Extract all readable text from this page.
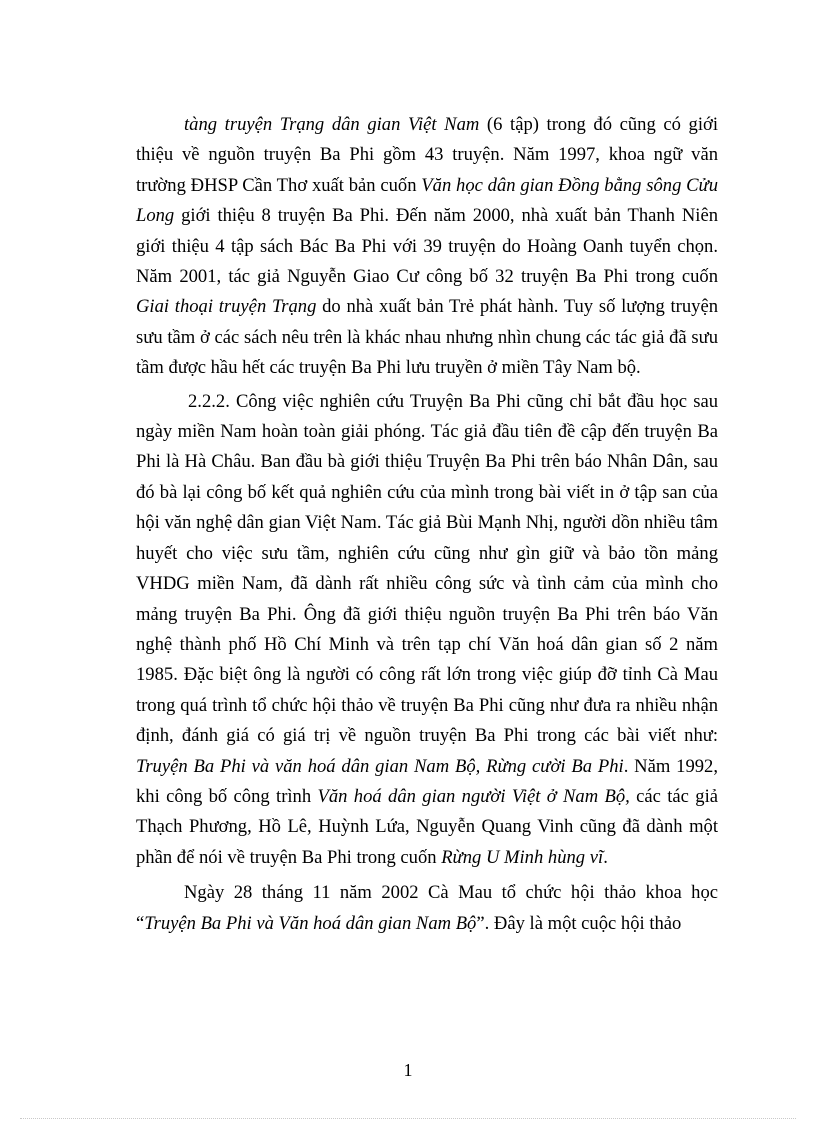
tàng truyện Trạng dân gian Việt Nam (6 tập) trong đó cũng có giới thiệu về nguồn truyện Ba Phi gồm 43 truyện. Năm 1997, khoa ngữ văn trường ĐHSP Cần Thơ xuất bản cuốn Văn học dân gian Đồng bằng sông Cửu Long giới thiệu 8 truyện Ba Phi. Đến năm 2000, nhà xuất bản Thanh Niên giới thiệu 4 tập sách Bác Ba Phi với 39 truyện do Hoàng Oanh tuyển chọn. Năm 2001, tác giả Nguyễn Giao Cư công bố 32 truyện Ba Phi trong cuốn Giai thoại truyện Trạng do nhà xuất bản Trẻ phát hành. Tuy số lượng truyện sưu tầm ở các sách nêu trên là khác nhau nhưng nhìn chung các tác giả đã sưu tầm được hầu hết các truyện Ba Phi lưu truyền ở miền Tây Nam bộ.

2.2.2. Công việc nghiên cứu Truyện Ba Phi cũng chỉ bắt đầu học sau ngày miền Nam hoàn toàn giải phóng. Tác giả đầu tiên đề cập đến truyện Ba Phi là Hà Châu. Ban đầu bà giới thiệu Truyện Ba Phi trên báo Nhân Dân, sau đó bà lại công bố kết quả nghiên cứu của mình trong bài viết in ở tập san của hội văn nghệ dân gian Việt Nam. Tác giả Bùi Mạnh Nhị, người dồn nhiều tâm huyết cho việc sưu tầm, nghiên cứu cũng như gìn giữ và bảo tồn mảng VHDG miền Nam, đã dành rất nhiều công sức và tình cảm của mình cho mảng truyện Ba Phi. Ông đã giới thiệu nguồn truyện Ba Phi trên báo Văn nghệ thành phố Hồ Chí Minh và trên tạp chí Văn hoá dân gian số 2 năm 1985. Đặc biệt ông là người có công rất lớn trong việc giúp đỡ tỉnh Cà Mau trong quá trình tổ chức hội thảo về truyện Ba Phi cũng như đưa ra nhiều nhận định, đánh giá có giá trị về nguồn truyện Ba Phi trong các bài viết như: Truyện Ba Phi và văn hoá dân gian Nam Bộ, Rừng cười Ba Phi. Năm 1992, khi công bố công trình Văn hoá dân gian người Việt ở Nam Bộ, các tác giả Thạch Phương, Hồ Lê, Huỳnh Lứa, Nguyễn Quang Vinh cũng đã dành một phần để nói về truyện Ba Phi trong cuốn Rừng U Minh hùng vĩ.

Ngày 28 tháng 11 năm 2002 Cà Mau tổ chức hội thảo khoa học “Truyện Ba Phi và Văn hoá dân gian Nam Bộ”. Đây là một cuộc hội thảo

1
